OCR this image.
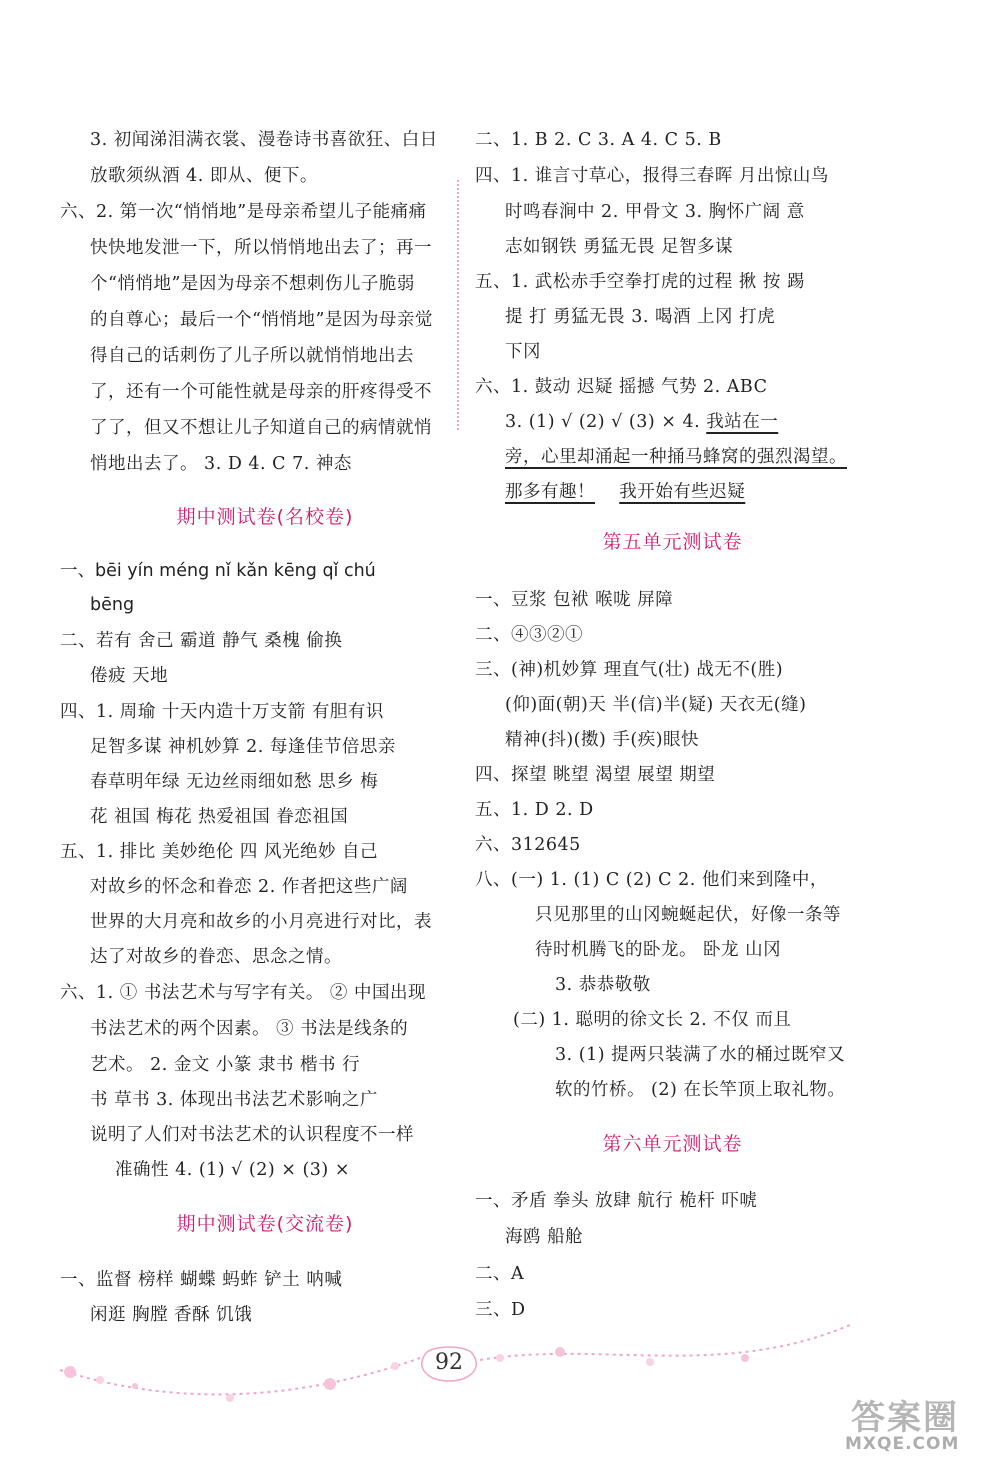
3. 初闻涕泪满衣裳、漫卷诗书喜欲狂、白日
放歌须纵酒 4. 即从、便下。
六、2. 第一次“悄悄地”是母亲希望儿子能痛痛
快快地发泄一下，所以悄悄地出去了；再一
个“悄悄地”是因为母亲不想刺伤儿子脆弱
的自尊心；最后一个“悄悄地”是因为母亲觉
得自己的话刺伤了儿子所以就悄悄地出去
了，还有一个可能性就是母亲的肝疼得受不
了了，但又不想让儿子知道自己的病情就悄
悄地出去了。 3. D 4. C 7. 神态
期中测试卷(名校卷)
一、bēi yín méng nǐ kǎn kēng qǐ chú
bēng
二、若有 舍己 霸道 静气 桑槐 偷换
倦疲 天地
四、1. 周瑜 十天内造十万支箭 有胆有识
足智多谋 神机妙算 2. 每逢佳节倍思亲
春草明年绿 无边丝雨细如愁 思乡 梅
花 祖国 梅花 热爱祖国 眷恋祖国
五、1. 排比 美妙绝伦 四 风光绝妙 自己
对故乡的怀念和眷恋 2. 作者把这些广阔
世界的大月亮和故乡的小月亮进行对比，表
达了对故乡的眷恋、思念之情。
六、1. ① 书法艺术与写字有关。 ② 中国出现
书法艺术的两个因素。 ③ 书法是线条的
艺术。 2. 金文 小篆 隶书 楷书 行
书 草书 3. 体现出书法艺术影响之广
说明了人们对书法艺术的认识程度不一样
准确性 4. (1) √ (2) × (3) ×
期中测试卷(交流卷)
一、监督 榜样 蝴蝶 蚂蚱 铲土 呐喊
闲逛 胸膛 香酥 饥饿
二、1. B 2. C 3. A 4. C 5. B
四、1. 谁言寸草心，报得三春晖 月出惊山鸟
时鸣春涧中 2. 甲骨文 3. 胸怀广阔 意
志如钢铁 勇猛无畏 足智多谋
五、1. 武松赤手空拳打虎的过程 揪 按 踢
提 打 勇猛无畏 3. 喝酒 上冈 打虎
下冈
六、1. 鼓动 迟疑 摇撼 气势 2. ABC
3. (1) √ (2) √ (3) × 4. 我站在一
旁，心里却涌起一种捅马蜂窝的强烈渴望。
那多有趣！ 我开始有些迟疑
第五单元测试卷
一、豆浆 包袱 喉咙 屏障
二、④③②①
三、(神)机妙算 理直气(壮) 战无不(胜)
(仰)面(朝)天 半(信)半(疑) 天衣无(缝)
精神(抖)(擞) 手(疾)眼快
四、探望 眺望 渴望 展望 期望
五、1. D 2. D
六、312645
八、(一) 1. (1) C (2) C 2. 他们来到隆中，
只见那里的山冈蜿蜒起伏，好像一条等
待时机腾飞的卧龙。 卧龙 山冈
3. 恭恭敬敬
(二) 1. 聪明的徐文长 2. 不仅 而且
3. (1) 提两只装满了水的桶过既窄又
软的竹桥。 (2) 在长竿顶上取礼物。
第六单元测试卷
一、矛盾 拳头 放肆 航行 桅杆 吓唬
海鸥 船舱
二、A
三、D
92
答案圈
MXQE.COM
